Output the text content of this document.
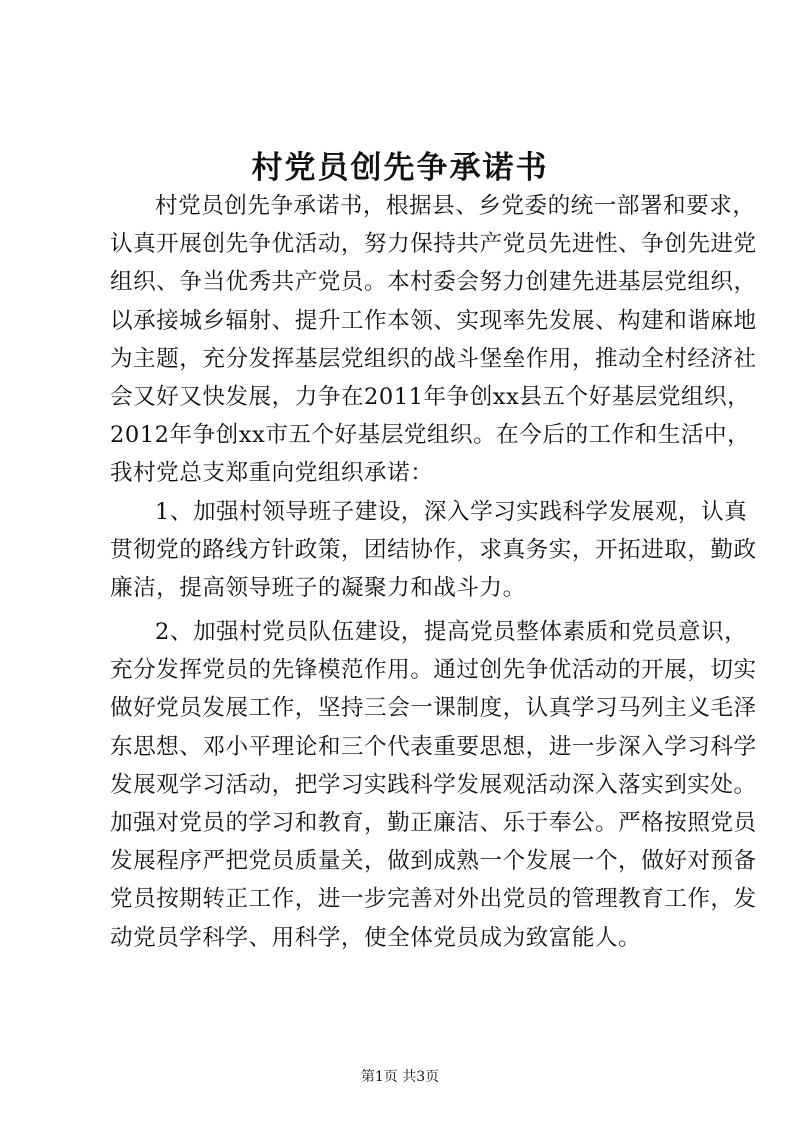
村党员创先争承诺书
村党员创先争承诺书，根据县、乡党委的统一部署和要求，
认真开展创先争优活动，努力保持共产党员先进性、争创先进党
组织、争当优秀共产党员。本村委会努力创建先进基层党组织，
以承接城乡辐射、提升工作本领、实现率先发展、构建和谐麻地
为主题，充分发挥基层党组织的战斗堡垒作用，推动全村经济社
会又好又快发展，力争在2011年争创xx县五个好基层党组织，
2012年争创xx市五个好基层党组织。在今后的工作和生活中，
我村党总支郑重向党组织承诺：
1、加强村领导班子建设，深入学习实践科学发展观，认真
贯彻党的路线方针政策，团结协作，求真务实，开拓进取，勤政
廉洁，提高领导班子的凝聚力和战斗力。
2、加强村党员队伍建设，提高党员整体素质和党员意识，
充分发挥党员的先锋模范作用。通过创先争优活动的开展，切实
做好党员发展工作，坚持三会一课制度，认真学习马列主义毛泽
东思想、邓小平理论和三个代表重要思想，进一步深入学习科学
发展观学习活动，把学习实践科学发展观活动深入落实到实处。
加强对党员的学习和教育，勤正廉洁、乐于奉公。严格按照党员
发展程序严把党员质量关，做到成熟一个发展一个，做好对预备
党员按期转正工作，进一步完善对外出党员的管理教育工作，发
动党员学科学、用科学，使全体党员成为致富能人。
第1页 共3页
